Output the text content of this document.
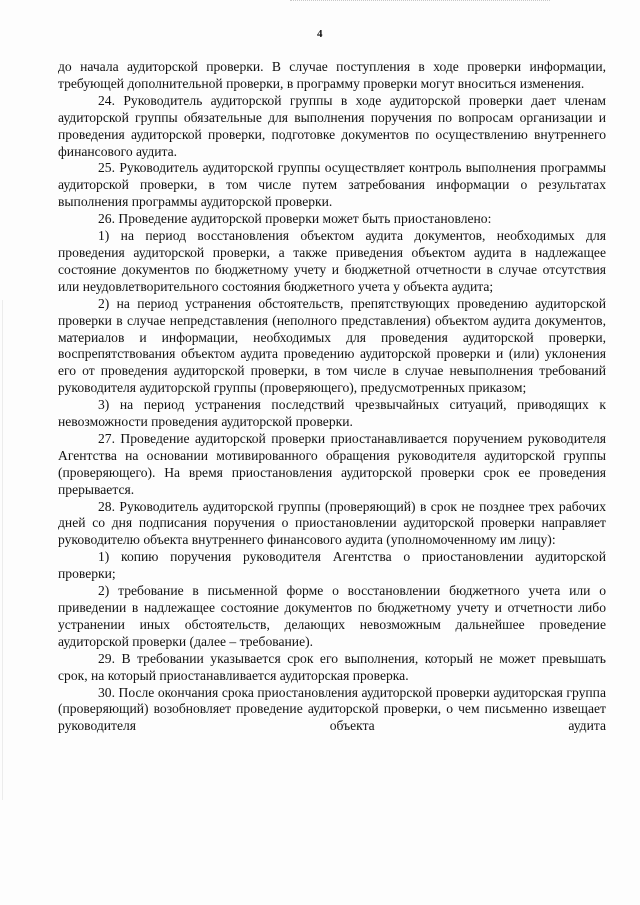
4

до начала аудиторской проверки. В случае поступления в ходе проверки информации, требующей дополнительной проверки, в программу проверки могут вноситься изменения.

24. Руководитель аудиторской группы в ходе аудиторской проверки дает членам аудиторской группы обязательные для выполнения поручения по вопросам организации и проведения аудиторской проверки, подготовке документов по осуществлению внутреннего финансового аудита.

25. Руководитель аудиторской группы осуществляет контроль выполнения программы аудиторской проверки, в том числе путем затребования информации о результатах выполнения программы аудиторской проверки.

26. Проведение аудиторской проверки может быть приостановлено:

1) на период восстановления объектом аудита документов, необходимых для проведения аудиторской проверки, а также приведения объектом аудита в надлежащее состояние документов по бюджетному учету и бюджетной отчетности в случае отсутствия или неудовлетворительного состояния бюджетного учета у объекта аудита;

2) на период устранения обстоятельств, препятствующих проведению аудиторской проверки в случае непредставления (неполного представления) объектом аудита документов, материалов и информации, необходимых для проведения аудиторской проверки, воспрепятствования объектом аудита проведению аудиторской проверки и (или) уклонения его от проведения аудиторской проверки, в том числе в случае невыполнения требований руководителя аудиторской группы (проверяющего), предусмотренных приказом;

3) на период устранения последствий чрезвычайных ситуаций, приводящих к невозможности проведения аудиторской проверки.

27. Проведение аудиторской проверки приостанавливается поручением руководителя Агентства на основании мотивированного обращения руководителя аудиторской группы (проверяющего). На время приостановления аудиторской проверки срок ее проведения прерывается.

28. Руководитель аудиторской группы (проверяющий) в срок не позднее трех рабочих дней со дня подписания поручения о приостановлении аудиторской проверки направляет руководителю объекта внутреннего финансового аудита (уполномоченному им лицу):

1) копию поручения руководителя Агентства о приостановлении аудиторской проверки;

2) требование в письменной форме о восстановлении бюджетного учета или о приведении в надлежащее состояние документов по бюджетному учету и отчетности либо устранении иных обстоятельств, делающих невозможным дальнейшее проведение аудиторской проверки (далее – требование).

29. В требовании указывается срок его выполнения, который не может превышать срок, на который приостанавливается аудиторская проверка.

30. После окончания срока приостановления аудиторской проверки аудиторская группа (проверяющий) возобновляет проведение аудиторской проверки, о чем письменно извещает руководителя объекта аудита
